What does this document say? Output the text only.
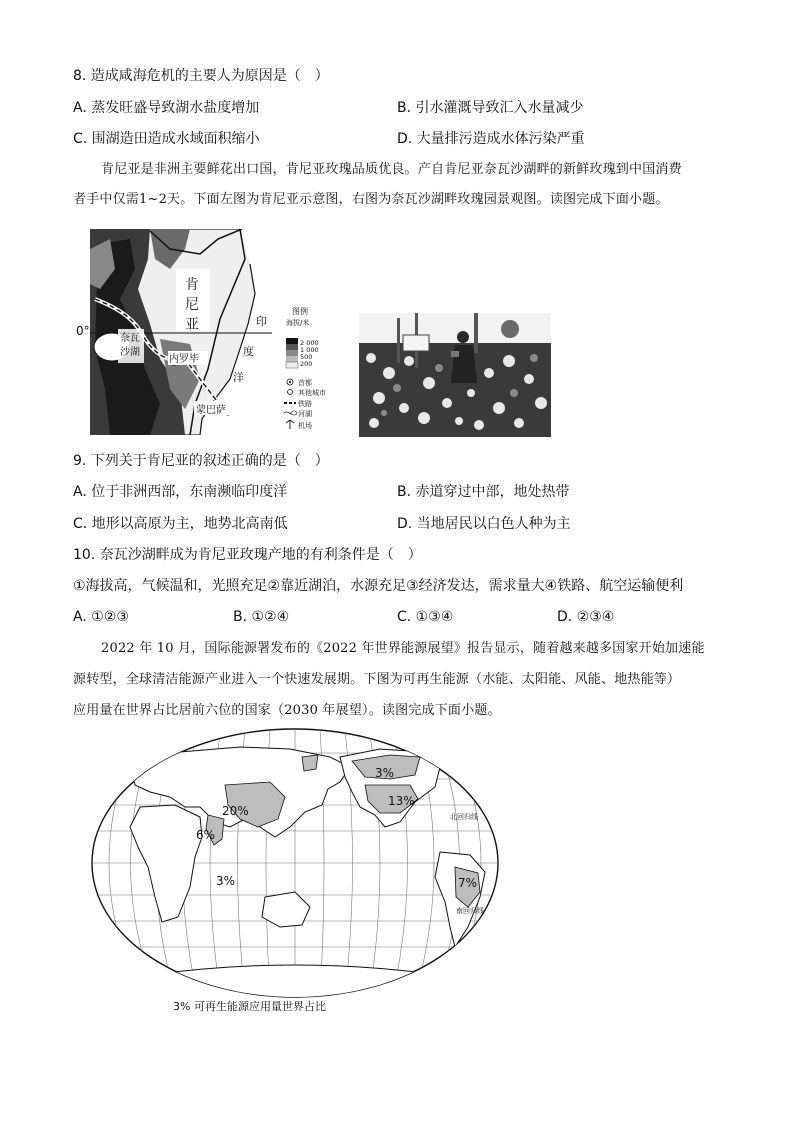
8. 造成咸海危机的主要人为原因是（　）
A. 蒸发旺盛导致湖水盐度增加	B. 引水灌溉导致汇入水量减少
C. 围湖造田造成水域面积缩小	D. 大量排污造成水体污染严重
肯尼亚是非洲主要鲜花出口国，肯尼亚玫瑰品质优良。产自肯尼亚奈瓦沙湖畔的新鲜玫瑰到中国消费
者手中仅需1~2天。下面左图为肯尼亚示意图，右图为奈瓦沙湖畔玫瑰园景观图。读图完成下面小题。
肯
尼
亚
奈瓦
沙湖
内罗毕
蒙巴萨
印
度
洋
0°
图例
海拔/米
2 000
1 000
500
200
首都
其他城市
铁路
河湖
机场
9. 下列关于肯尼亚的叙述正确的是（　）
A. 位于非洲西部，东南濒临印度洋	B. 赤道穿过中部，地处热带
C. 地形以高原为主，地势北高南低	D. 当地居民以白色人种为主
10. 奈瓦沙湖畔成为肯尼亚玫瑰产地的有利条件是（　）
①海拔高，气候温和，光照充足②靠近湖泊，水源充足③经济发达，需求量大④铁路、航空运输便利
A. ①②③	B. ①②④	C. ①③④	D. ②③④
2022 年 10 月，国际能源署发布的《2022 年世界能源展望》报告显示，随着越来越多国家开始加速能
源转型，全球清洁能源产业进入一个快速发展期。下图为可再生能源（水能、太阳能、风能、地热能等）
应用量在世界占比居前六位的国家（2030 年展望）。读图完成下面小题。
20%
6%
3%
3%
13%
7%
北回归线
南回归线
3% 可再生能源应用量世界占比
